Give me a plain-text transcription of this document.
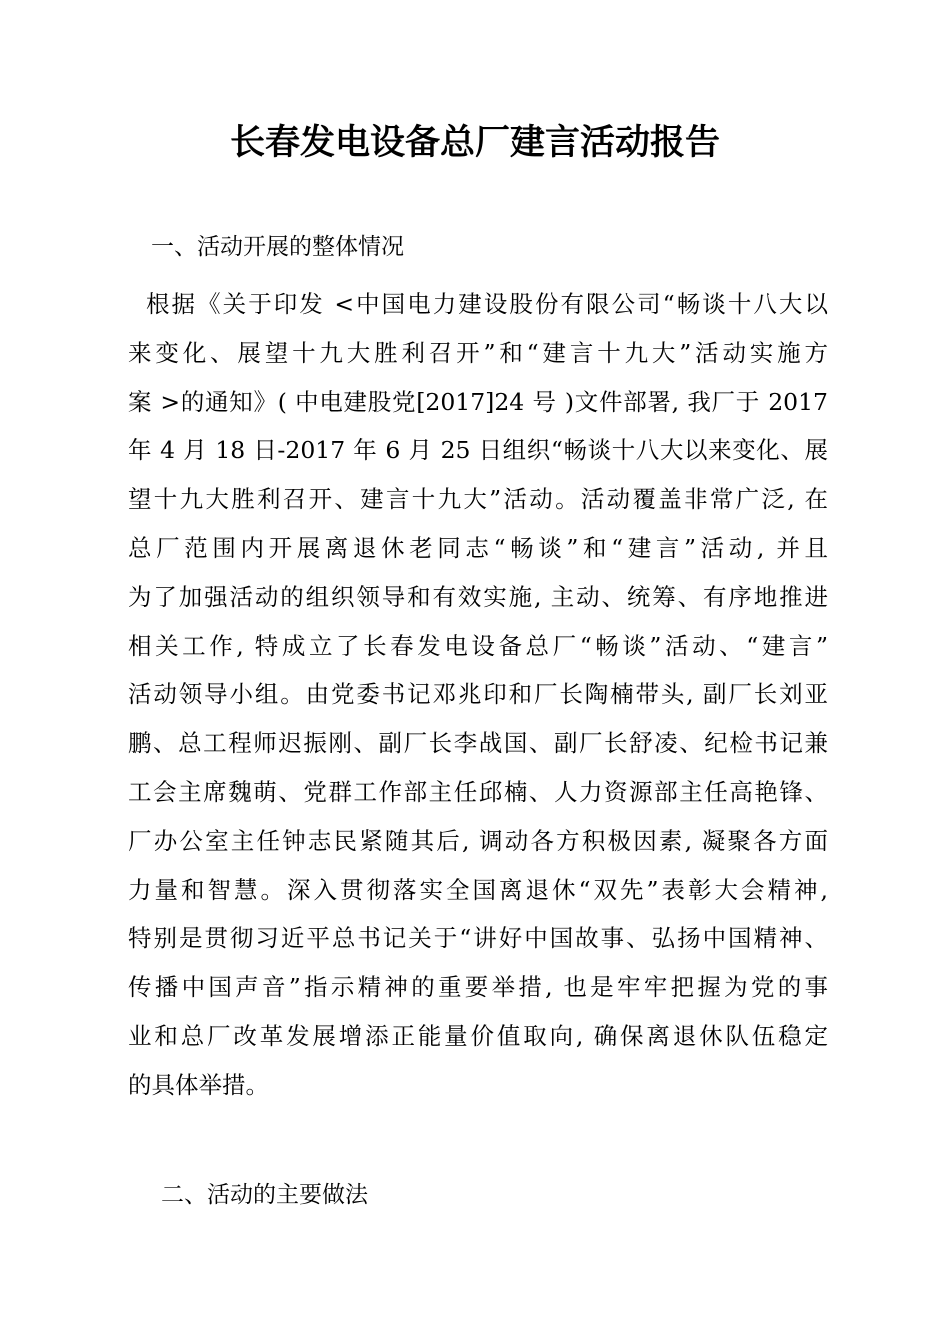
长春发电设备总厂建言活动报告
一、活动开展的整体情况
根据《关于印发 <中国电力建设股份有限公司“畅谈十八大以
来变化、展望十九大胜利召开”和“建言十九大”活动实施方
案 >的通知》( 中电建股党[2017]24 号 )文件部署, 我厂于 2017
年 4 月 18 日-2017 年 6 月 25 日组织“畅谈十八大以来变化、展
望十九大胜利召开、建言十九大”活动。活动覆盖非常广泛, 在
总厂范围内开展离退休老同志“畅谈”和“建言”活动, 并且
为了加强活动的组织领导和有效实施, 主动、统筹、有序地推进
相关工作, 特成立了长春发电设备总厂“畅谈”活动、“建言”
活动领导小组。由党委书记邓兆印和厂长陶楠带头, 副厂长刘亚
鹏、总工程师迟振刚、副厂长李战国、副厂长舒凌、纪检书记兼
工会主席魏萌、党群工作部主任邱楠、人力资源部主任高艳锋、
厂办公室主任钟志民紧随其后, 调动各方积极因素, 凝聚各方面
力量和智慧。深入贯彻落实全国离退休“双先”表彰大会精神,
特别是贯彻习近平总书记关于“讲好中国故事、弘扬中国精神、
传播中国声音”指示精神的重要举措, 也是牢牢把握为党的事
业和总厂改革发展增添正能量价值取向, 确保离退休队伍稳定
的具体举措。
二、活动的主要做法
